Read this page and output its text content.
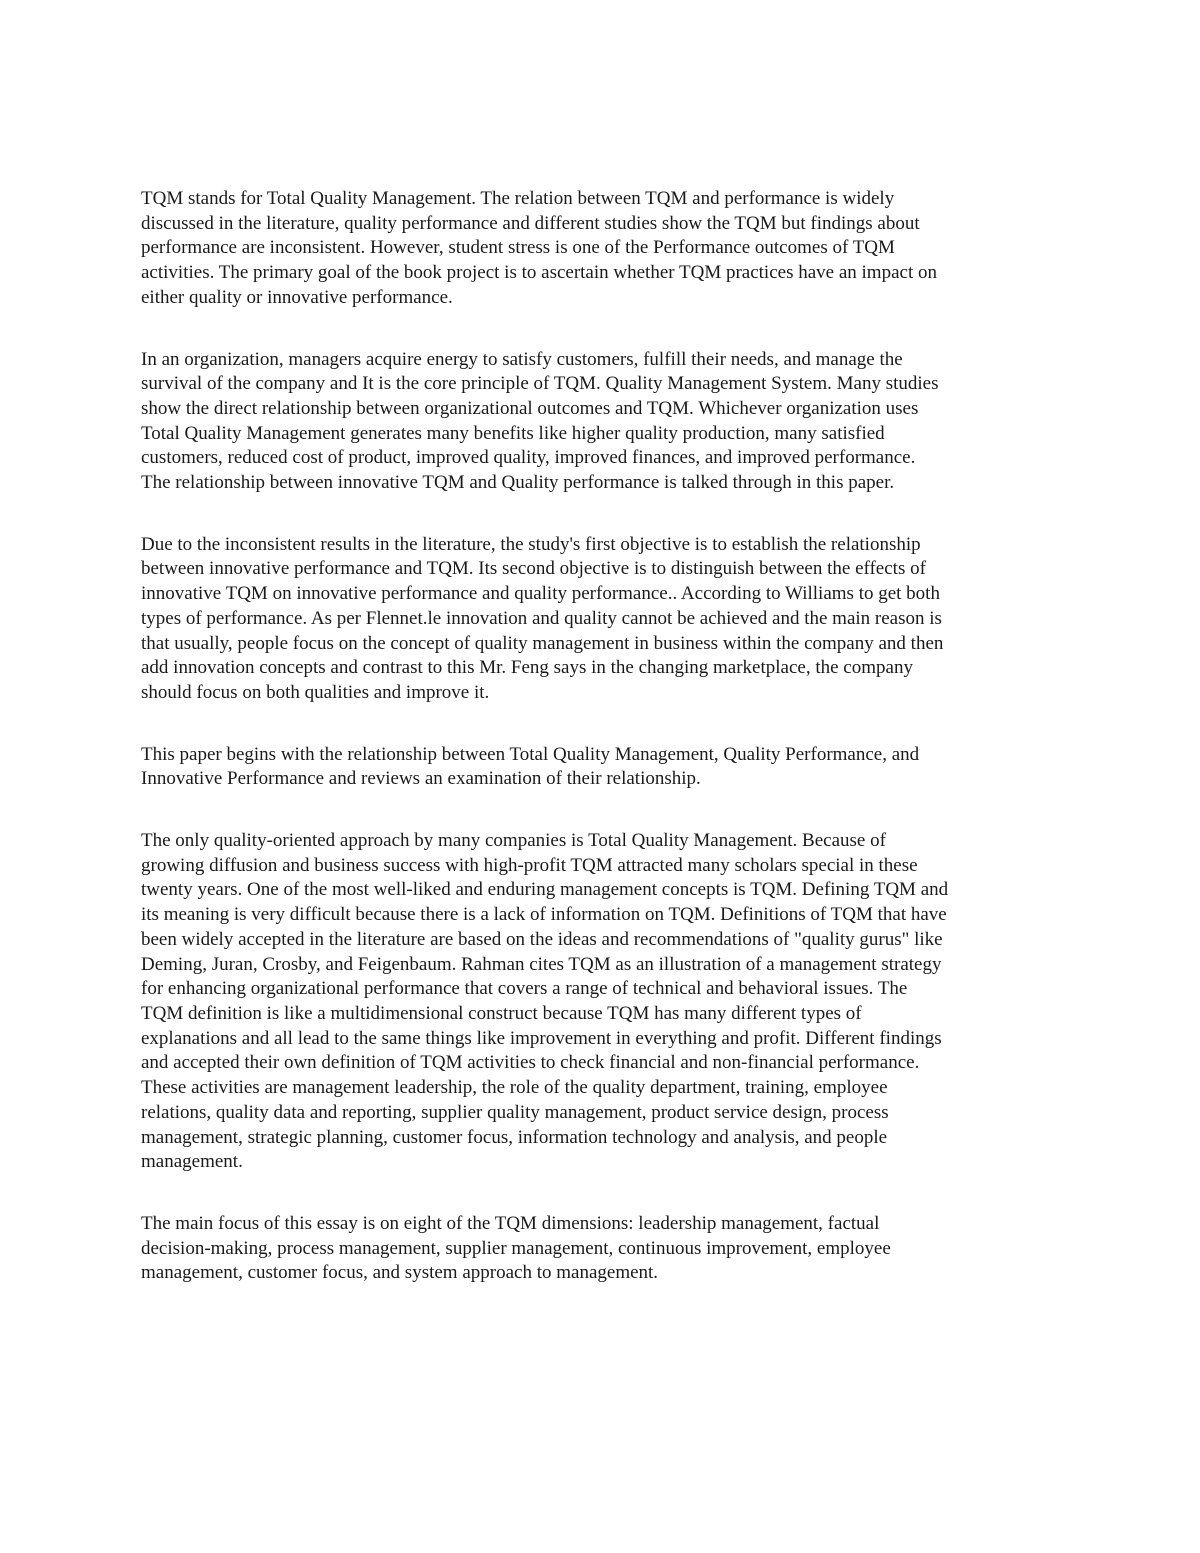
TQM stands for Total Quality Management. The relation between TQM and performance is widely
discussed in the literature, quality performance and different studies show the TQM but findings about
performance are inconsistent. However, student stress is one of the Performance outcomes of TQM
activities. The primary goal of the book project is to ascertain whether TQM practices have an impact on
either quality or innovative performance.

In an organization, managers acquire energy to satisfy customers, fulfill their needs, and manage the
survival of the company and It is the core principle of TQM. Quality Management System. Many studies
show the direct relationship between organizational outcomes and TQM. Whichever organization uses
Total Quality Management generates many benefits like higher quality production, many satisfied
customers, reduced cost of product, improved quality, improved finances, and improved performance.
The relationship between innovative TQM and Quality performance is talked through in this paper.

Due to the inconsistent results in the literature, the study's first objective is to establish the relationship
between innovative performance and TQM. Its second objective is to distinguish between the effects of
innovative TQM on innovative performance and quality performance.. According to Williams to get both
types of performance. As per Flennet.le innovation and quality cannot be achieved and the main reason is
that usually, people focus on the concept of quality management in business within the company and then
add innovation concepts and contrast to this Mr. Feng says in the changing marketplace, the company
should focus on both qualities and improve it.

This paper begins with the relationship between Total Quality Management, Quality Performance, and
Innovative Performance and reviews an examination of their relationship.

The only quality-oriented approach by many companies is Total Quality Management. Because of
growing diffusion and business success with high-profit TQM attracted many scholars special in these
twenty years. One of the most well-liked and enduring management concepts is TQM. Defining TQM and
its meaning is very difficult because there is a lack of information on TQM. Definitions of TQM that have
been widely accepted in the literature are based on the ideas and recommendations of "quality gurus" like
Deming, Juran, Crosby, and Feigenbaum. Rahman cites TQM as an illustration of a management strategy
for enhancing organizational performance that covers a range of technical and behavioral issues. The
TQM definition is like a multidimensional construct because TQM has many different types of
explanations and all lead to the same things like improvement in everything and profit. Different findings
and accepted their own definition of TQM activities to check financial and non-financial performance.
These activities are management leadership, the role of the quality department, training, employee
relations, quality data and reporting, supplier quality management, product service design, process
management, strategic planning, customer focus, information technology and analysis, and people
management.

The main focus of this essay is on eight of the TQM dimensions: leadership management, factual
decision-making, process management, supplier management, continuous improvement, employee
management, customer focus, and system approach to management.
